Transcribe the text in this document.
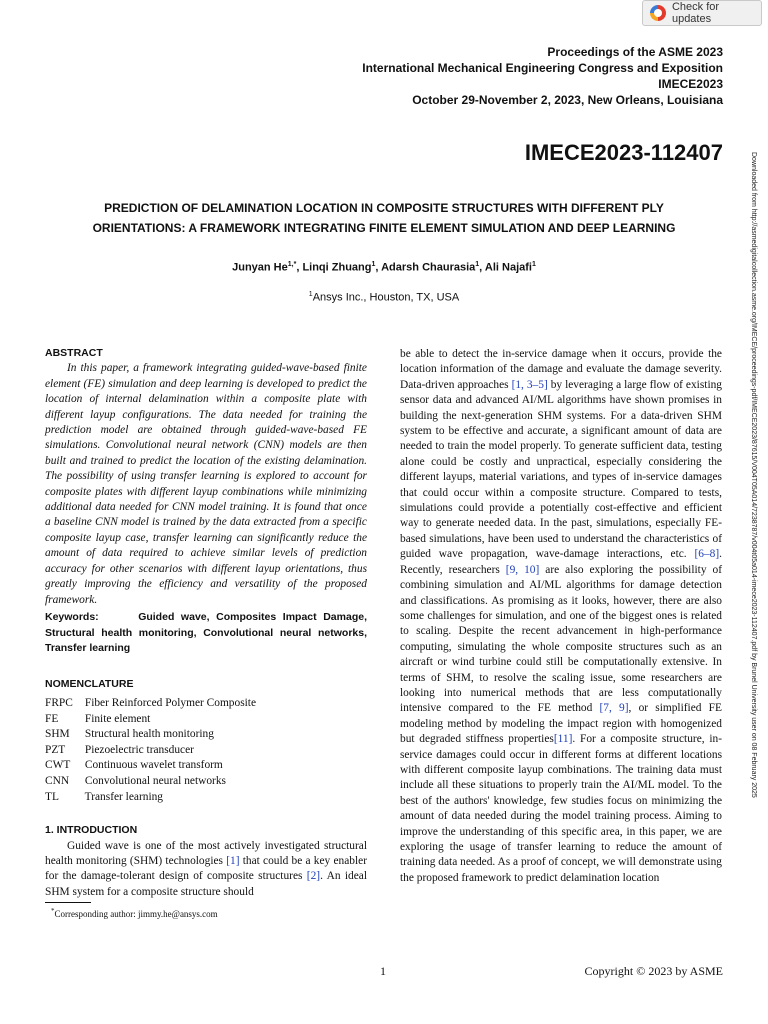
Check for updates
Proceedings of the ASME 2023
International Mechanical Engineering Congress and Exposition
IMECE2023
October 29-November 2, 2023, New Orleans, Louisiana
IMECE2023-112407
PREDICTION OF DELAMINATION LOCATION IN COMPOSITE STRUCTURES WITH DIFFERENT PLY
ORIENTATIONS: A FRAMEWORK INTEGRATING FINITE ELEMENT SIMULATION AND DEEP LEARNING
Junyan $He^{1,*}$, Linqi Zhuang$^1$, Adarsh Chaurasia$^1$, Ali Najafi$^1$
$^1$Ansys Inc., Houston, TX, USA	Downloaded from http://asmedigitalcollection.asme.org/IMECE/proceedings-pdf/IMECE2023/87615/V004T05A014/7238787/v004t05a014-imece2023-112407.pdf by Brunel University user on 08 February 2025

ABSTRACT

In this paper, a framework integrating guided-wave-based finite element (FE) simulation and deep learning is developed to predict the location of internal delamination within a composite plate with different layup configurations. The data needed for training the prediction model are obtained through guided-wave-based FE simulations. Convolutional neural network (CNN) models are then built and trained to predict the location of the existing delamination. The possibility of using transfer learning is explored to account for composite plates with different layup combinations while minimizing additional data needed for CNN model training. It is found that once a baseline CNN model is trained by the data extracted from a specific composite layup case, transfer learning can significantly reduce the amount of data required to achieve similar levels of prediction accuracy for other scenarios with different layup orientations, thus greatly improving the efficiency and versatility of the proposed framework.

Keywords:	Guided wave, Composites Impact Damage, Structural health monitoring, Convolutional neural networks, Transfer learning

NOMENCLATURE

FRPC Fiber Reinforced Polymer Composite
FE Finite element
SHM Structural health monitoring
PZT Piezoelectric transducer
CWT Continuous wavelet transform
CNN Convolutional neural networks
TL Transfer learning

1. INTRODUCTION

Guided wave is one of the most actively investigated structural health monitoring (SHM) technologies [1] that could be a key enabler for the damage-tolerant design of composite structures [2]. An ideal SHM system for a composite structure should

*Corresponding author: jimmy.he@ansys.com

be able to detect the in-service damage when it occurs, provide the location information of the damage and evaluate the damage severity. Data-driven approaches [1, 3–5] by leveraging a large flow of existing sensor data and advanced AI/ML algorithms have shown promises in building the next-generation SHM systems. For a data-driven SHM system to be effective and accurate, a significant amount of data are needed to train the model properly. To generate sufficient data, testing alone could be costly and unpractical, especially considering the different layups, material variations, and types of in-service damages that could occur within a composite structure. Compared to tests, simulations could provide a potentially cost-effective and efficient way to generate needed data. In the past, simulations, especially FE-based simulations, have been used to understand the characteristics of guided wave propagation, wave-damage interactions, etc. [6–8]. Recently, researchers [9, 10] are also exploring the possibility of combining simulation and AI/ML algorithms for damage detection and classifications. As promising as it looks, however, there are also some challenges for simulation, and one of the biggest ones is related to scaling. Despite the recent advancement in high-performance computing, simulating the whole composite structures such as an aircraft or wind turbine could still be computationally extensive. In terms of SHM, to resolve the scaling issue, some researchers are looking into numerical methods that are less computationally intensive compared to the FE method [7, 9], or simplified FE modeling method by modeling the impact region with homogenized but degraded stiffness properties[11]. For a composite structure, in-service damages could occur in different forms at different locations with different composite layup combinations. The training data must include all these situations to properly train the AI/ML model. To the best of the authors' knowledge, few studies focus on minimizing the amount of data needed during the model training process. Aiming to improve the understanding of this specific area, in this paper, we are exploring the usage of transfer learning to reduce the amount of training data needed. As a proof of concept, we will demonstrate using the proposed framework to predict delamination location

1	Copyright © 2023 by ASME
